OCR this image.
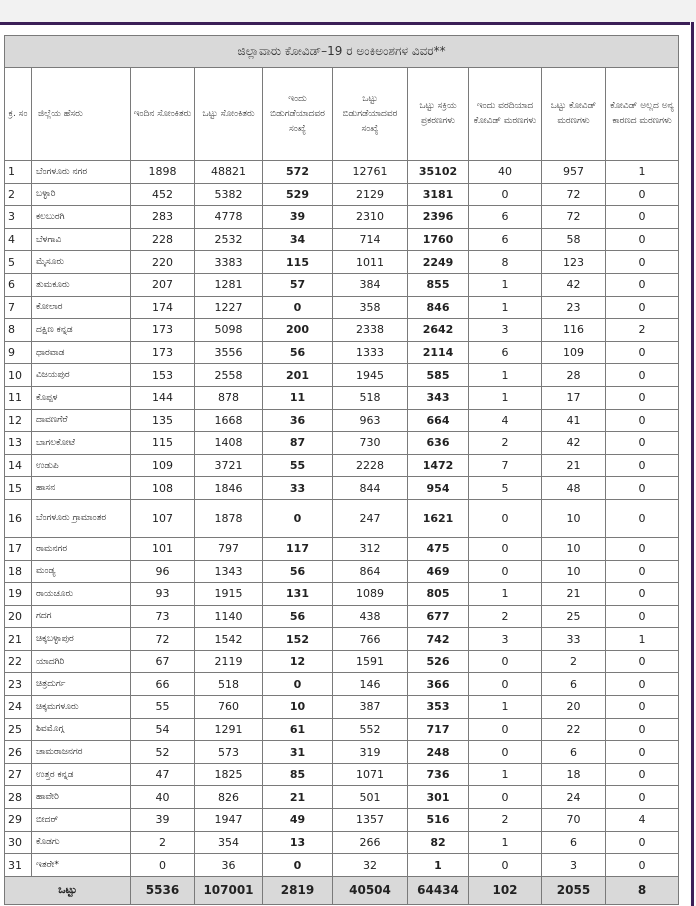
ಜಿಲ್ಲಾವಾರು ಕೋವಿಡ್–19 ರ ಅಂಕಿಅಂಶಗಳ ವಿವರ**									
ಕ್ರ. ಸಂ	ಜಿಲ್ಲೆಯ ಹೆಸರು	ಇಂದಿನ ಸೋಂಕಿತರು	ಒಟ್ಟು ಸೋಂಕಿತರು	ಇಂದು ಬಿಡುಗಡೆಯಾದವರ ಸಂಖ್ಯೆ	ಒಟ್ಟು ಬಿಡುಗಡೆಯಾದವರ ಸಂಖ್ಯೆ	ಒಟ್ಟು ಸಕ್ರಿಯ ಪ್ರಕರಣಗಳು	ಇಂದು ವರದಿಯಾದ ಕೋವಿಡ್ ಮರಣಗಳು	ಒಟ್ಟು ಕೋವಿಡ್ ಮರಣಗಳು	ಕೋವಿಡ್ ಅಲ್ಲದ ಅನ್ಯ ಕಾರಣದ ಮರಣಗಳು
1	ಬೆಂಗಳೂರು ನಗರ	1898	48821	572	12761	35102	40	957	1
2	ಬಳ್ಳಾರಿ	452	5382	529	2129	3181	0	72	0
3	ಕಲಬುರಗಿ	283	4778	39	2310	2396	6	72	0
4	ಬೆಳಗಾವಿ	228	2532	34	714	1760	6	58	0
5	ಮೈಸೂರು	220	3383	115	1011	2249	8	123	0
6	ತುಮಕೂರು	207	1281	57	384	855	1	42	0
7	ಕೋಲಾರ	174	1227	0	358	846	1	23	0
8	ದಕ್ಷಿಣ ಕನ್ನಡ	173	5098	200	2338	2642	3	116	2
9	ಧಾರವಾಡ	173	3556	56	1333	2114	6	109	0
10	ವಿಜಯಪುರ	153	2558	201	1945	585	1	28	0
11	ಕೊಪ್ಪಳ	144	878	11	518	343	1	17	0
12	ದಾವಣಗೆರೆ	135	1668	36	963	664	4	41	0
13	ಬಾಗಲಕೋಟೆ	115	1408	87	730	636	2	42	0
14	ಉಡುಪಿ	109	3721	55	2228	1472	7	21	0
15	ಹಾಸನ	108	1846	33	844	954	5	48	0
16	ಬೆಂಗಳೂರು ಗ್ರಾಮಾಂತರ	107	1878	0	247	1621	0	10	0
17	ರಾಮನಗರ	101	797	117	312	475	0	10	0
18	ಮಂಡ್ಯ	96	1343	56	864	469	0	10	0
19	ರಾಯಚೂರು	93	1915	131	1089	805	1	21	0
20	ಗದಗ	73	1140	56	438	677	2	25	0
21	ಚಿಕ್ಕಬಳ್ಳಾಪುರ	72	1542	152	766	742	3	33	1
22	ಯಾದಗಿರಿ	67	2119	12	1591	526	0	2	0
23	ಚಿತ್ರದುರ್ಗ	66	518	0	146	366	0	6	0
24	ಚಿಕ್ಕಮಗಳೂರು	55	760	10	387	353	1	20	0
25	ಶಿವಮೊಗ್ಗ	54	1291	61	552	717	0	22	0
26	ಚಾಮರಾಜನಗರ	52	573	31	319	248	0	6	0
27	ಉತ್ತರ ಕನ್ನಡ	47	1825	85	1071	736	1	18	0
28	ಹಾವೇರಿ	40	826	21	501	301	0	24	0
29	ಬೀದರ್	39	1947	49	1357	516	2	70	4
30	ಕೊಡಗು	2	354	13	266	82	1	6	0
31	ಇತರೇ*	0	36	0	32	1	0	3	0
ಒಟ್ಟು		5536	107001	2819	40504	64434	102	2055	8
